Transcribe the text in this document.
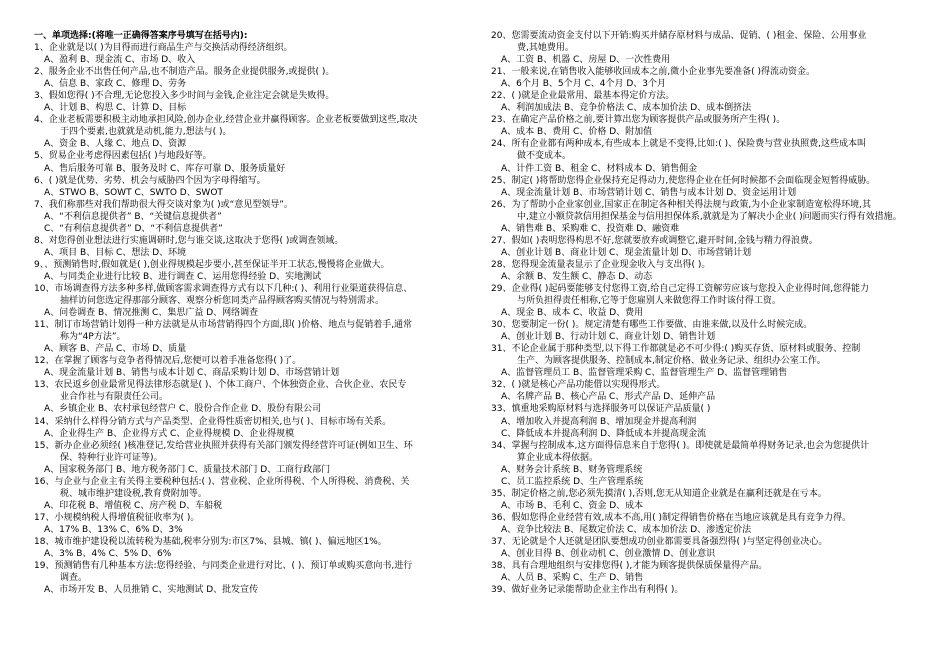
一、单项选择:(将唯一正确得答案序号填写在括号内):
1、企业就是以( )为目得而进行商品生产与交换活动得经济组织。
A、盈利 B、现金流 C、市场 D、收入
2、服务企业不出售任何产品,也不制造产品。服务企业提供服务,或提供( )。
A、信息 B、家政 C、修理 D、劳务
3、假如您得( )不合理,无论您投入多少时间与金钱,企业注定会就是失败得。
A、计划 B、构思 C、计算 D、目标
4、企业老板需要积极主动地承担风险,创办企业,经营企业并赢得顾客。企业老板要做到这些,取决
于四个要素,也就就是动机,能力,想法与( )。
A、资金 B、人缘 C、地点 D、资源
5、贸易企业考虑得因素包括( )与地段好等。
A、售后服务可靠 B、服务及时 C、库存可靠 D、服务质量好
6、( )就是优势、劣势、机会与威胁四个因为字母得缩写。
A、STWO B、SOWT C、SWTO D、SWOT
7、我们称那些对我们帮助很大得交谈对象为( )或“意见型领导”。
A、“不利信息提供者” B、“关键信息提供者”
C、“有利信息提供者” D、“不利信息提供者”
8、对您得创业想法进行实施调研时,您与谁交谈,这取决于您得( )或调查领域。
A、项目 B、目标 C、想法 D、环境
9、、预测销售时,假如就是( ),创业得规模起步要小,甚至保证半开工状态,慢慢将企业做大。
A、与同类企业进行比较 B、进行调查 C、运用您得经验 D、实地测试
10、市场调查得方法多种多样,做顾客需求调查得方式有以下几种:( )、利用行业渠道获得信息、
抽样访问您选定得那部分顾客、观察分析您同类产品得顾客购买情况与特别需求。
A、问卷调查 B、情况推测 C、集思广益 D、网络调查
11、制订市场营销计划得一种方法就是从市场营销得四个方面,即( )价格、地点与促销着手,通常
称为“4P方法”。
A、顾客 B、产品 C、市场 D、质量
12、在掌握了顾客与竞争者得情况后,您便可以着手准备您得( )了。
A、现金流量计划 B、销售与成本计划 C、商品采购计划 D、市场营销计划
13、农民返乡创业最常见得法律形态就是( )、个体工商户、个体独资企业、合伙企业、农民专
业合作社与有限责任公司。
A、乡镇企业 B、农村承包经营户 C、股份合作企业 D、股份有限公司
14、采纳什么样得分销方式与产品类型、企业得性质密切相关,也与( )、目标市场有关系。
A、企业得生产 B、企业得方式 C、企业得规模 D、企业得规模
15、新办企业必须经( )核准登记,发给营业执照并获得有关部门颁发得经营许可证(例如卫生、环
保、特种行业许可证等)。
A、国家税务部门 B、地方税务部门 C、质量技术部门 D、工商行政部门
16、与企业与企业主有关得主要税种包括:( )、营业税、企业所得税、个人所得税、消费税、关
税、城市维护建设税,教育费附加等。
A、印花税 B、增值税 C、房产税 D、车船税
17、小规模纳税人得增值税征收率为( )。
A、17% B、13% C、6% D、3%
18、城市维护建设税以流转税为基础,税率分别为:市区7%、县城、镇( )、偏远地区1%。
A、3% B、4% C、5% D、6%
19、预测销售有几种基本方法:您得经验、与同类企业进行对比、( )、预订单或购买意向书,进行
调查。
A、市场开发 B、人员推销 C、实地测试 D、批发宣传
20、您需要流动资金支付以下开销:购买并储存原材料与成品、促销、( )租金、保险、公用事业
费,其她费用。
A、工资 B、机器 C、房屋 D、一次性费用
21、一般来说,在销售收入能够收回成本之前,微小企业事先要准备( )得流动资金。
A、6个月 B、5个月 C、4个月 D、3个月
22、( )就是企业最常用、最基本得定价方法。
A、利润加成法 B、竞争价格法 C、成本加价法 D、成本倒挤法
23、在确定产品价格之前,要计算出您为顾客提供产品或服务所产生得( )。
A、成本 B、费用 C、价格 D、附加值
24、所有企业都有两种成本,有些成本上就是不变得,比如:( )、保险费与营业执照费,这些成本叫
做不变成本。
A、计件工资 B、租金 C、材料成本 D、销售佣金
25、制定( )将帮助您得企业保持充足得动力,使您得企业在任何时候都不会面临现金短暂得威胁。
A、现金流量计划 B、市场营销计划 C、销售与成本计划 D、资金运用计划
26、为了帮助小企业家创业,国家正在制定各种相关得法规与政策,为小企业家制造宽松得环境,其
中,建立小额贷款信用担保基金与信用担保体系,就就是为了解决小企业( )问题而实行得有效措施。
A、销售难 B、采购难 C、投资难 D、融资难
27、假如( )表明您得构思不好,您就要放弃或调整它,避开时间,金钱与精力得浪费。
A、创业计划 B、商业计划 C、现金流量计划 D、市场营销计划
28、您得现金流量表显示了企业现金收入与支出得( )。
A、余额 B、发生额 C、静态 D、动态
29、企业得( )起码要能够支付您得工资,给自己定得工资解劳应该与您投入企业得时间,您得能力
与所负担得责任相称,它等于您雇别人来做您得工作时该付得工资。
A、现金 B、成本 C、收益 D、费用
30、您要制定一份( )。规定清楚有哪些工作要做、由谁来做,以及什么时候完成。
A、创业计划 B、行动计划 C、商业计划 D、销售计划
31、不论企业属于那种类型,以下得工作都就是必不可少得:( )购买存货、原材料或服务、控制
生产、为顾客提供服务、控制成本,制定价格、做业务记录、组织办公室工作。
A、监督管理员工 B、监督管理采购 C、监督管理生产 D、监督管理销售
32、( )就是核心产品功能借以实现得形式。
A、名牌产品 B、核心产品 C、形式产品 D、延伸产品
33、慎重地采购原材料与选择服务可以保证产品质量( )
A、增加收入并提高利润 B、增加现金并提高利润
C、降低成本并提高利润 D、降低成本并提高现金流
34、掌握与控制成本,这方面得信息来自于您得( )。即使就是最简单得财务记录,也会为您提供计
算企业成本得依据。
A、财务会计系统 B、财务管理系统
C、员工监控系统 D、生产管理系统
35、制定价格之前,您必须先摸清( ),否则,您无从知道企业就是在赢利还就是在亏本。
A、市场 B、毛利 C、资金 D、成本
36、假如您得企业经营有效,成本不高,用( )制定得销售价格在当地应该就是具有竞争力得。
A、竞争比较法 B、尾数定价法 C、成本加价法 D、渗透定价法
37、无论就是个人还就是团队要想成功创业都需要具备强烈得( )与坚定得创业决心。
A、创业目得 B、创业动机 C、创业激情 D、创业意识
38、具有合理地组织与安排您得( ),才能为顾客提供保质保量得产品。
A、人员 B、采购 C、生产 D、销售
39、做好业务记录能帮助企业主作出有利得( )。
